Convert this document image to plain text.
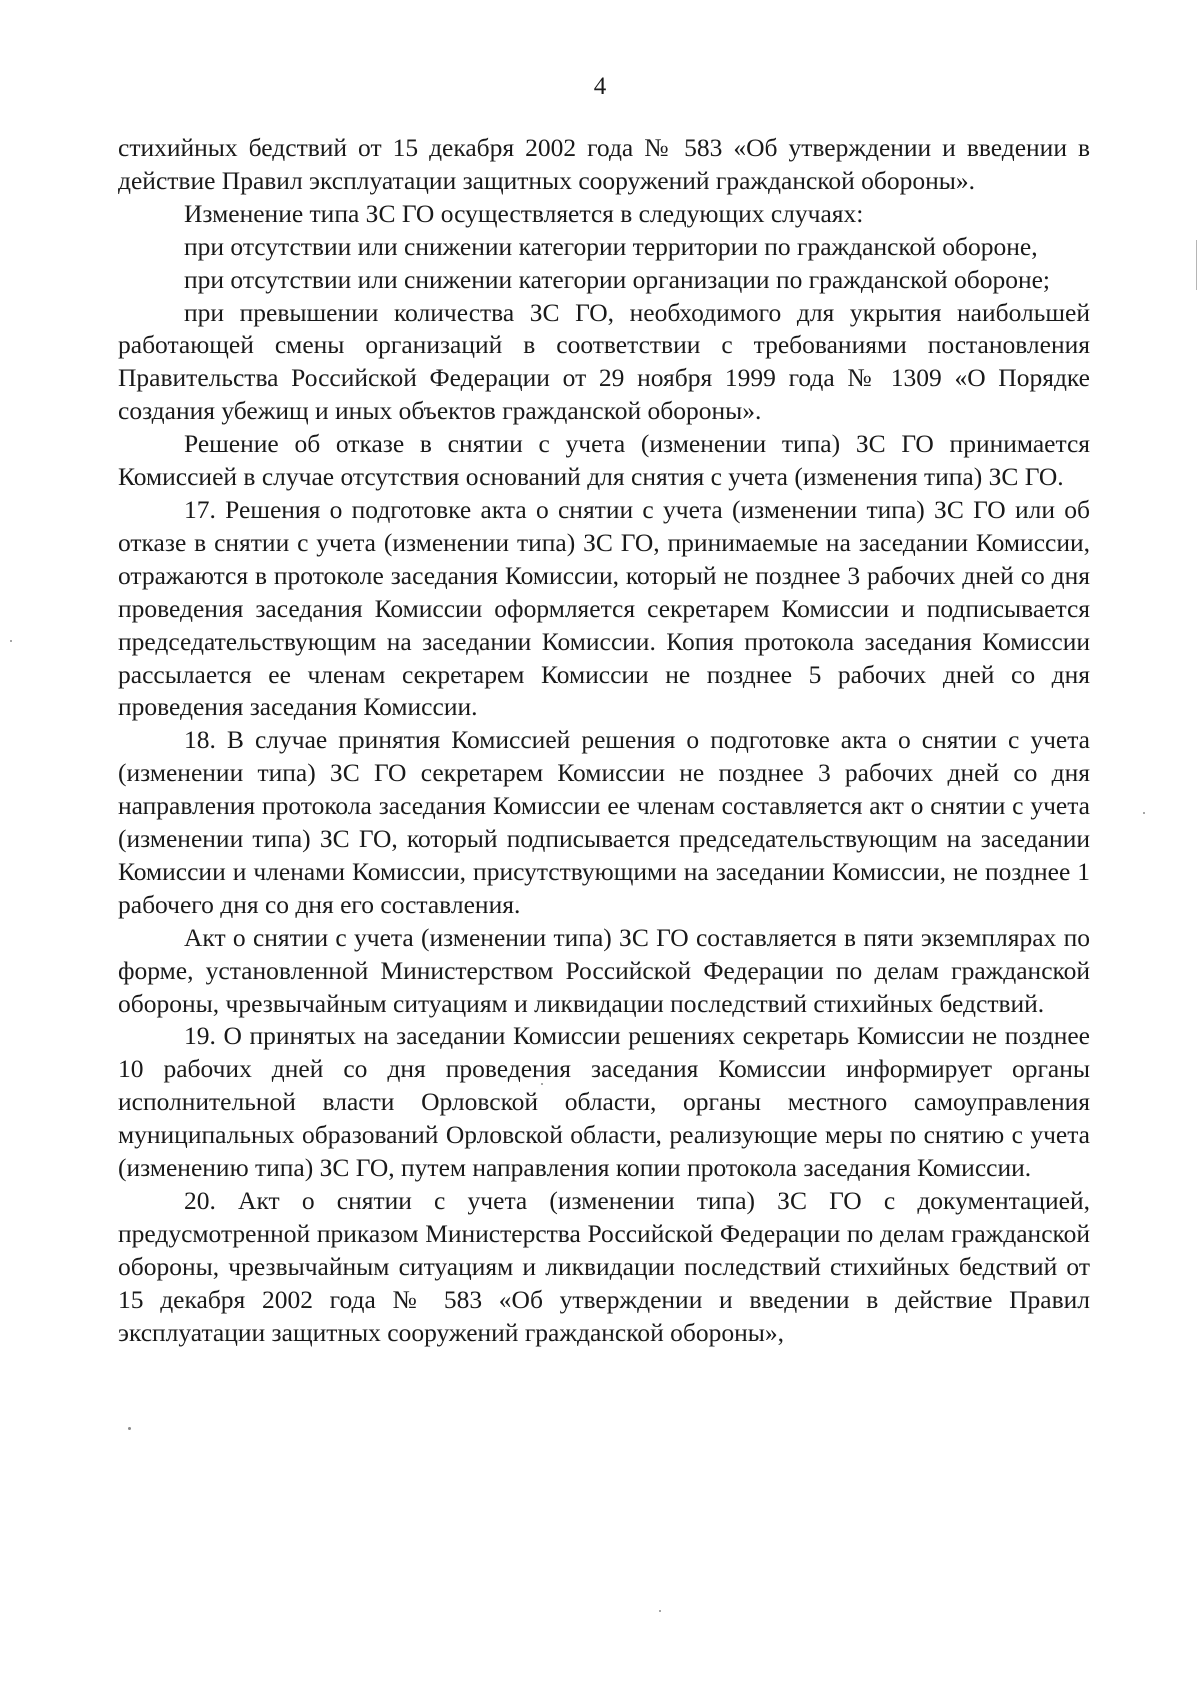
4

стихийных бедствий от 15 декабря 2002 года № 583 «Об утверждении и введении в действие Правил эксплуатации защитных сооружений гражданской обороны».

Изменение типа ЗС ГО осуществляется в следующих случаях:

при отсутствии или снижении категории территории по гражданской обороне,

при отсутствии или снижении категории организации по гражданской обороне;

при превышении количества ЗС ГО, необходимого для укрытия наибольшей работающей смены организаций в соответствии с требованиями постановления Правительства Российской Федерации от 29 ноября 1999 года № 1309 «О Порядке создания убежищ и иных объектов гражданской обороны».

Решение об отказе в снятии с учета (изменении типа) ЗС ГО принимается Комиссией в случае отсутствия оснований для снятия с учета (изменения типа) ЗС ГО.

17. Решения о подготовке акта о снятии с учета (изменении типа) ЗС ГО или об отказе в снятии с учета (изменении типа) ЗС ГО, принимаемые на заседании Комиссии, отражаются в протоколе заседания Комиссии, который не позднее 3 рабочих дней со дня проведения заседания Комиссии оформляется секретарем Комиссии и подписывается председательствующим на заседании Комиссии. Копия протокола заседания Комиссии рассылается ее членам секретарем Комиссии не позднее 5 рабочих дней со дня проведения заседания Комиссии.

18. В случае принятия Комиссией решения о подготовке акта о снятии с учета (изменении типа) ЗС ГО секретарем Комиссии не позднее 3 рабочих дней со дня направления протокола заседания Комиссии ее членам составляется акт о снятии с учета (изменении типа) ЗС ГО, который подписывается председательствующим на заседании Комиссии и членами Комиссии, присутствующими на заседании Комиссии, не позднее 1 рабочего дня со дня его составления.

Акт о снятии с учета (изменении типа) ЗС ГО составляется в пяти экземплярах по форме, установленной Министерством Российской Федерации по делам гражданской обороны, чрезвычайным ситуациям и ликвидации последствий стихийных бедствий.

19. О принятых на заседании Комиссии решениях секретарь Комиссии не позднее 10 рабочих дней со дня проведения заседания Комиссии информирует органы исполнительной власти Орловской области, органы местного самоуправления муниципальных образований Орловской области, реализующие меры по снятию с учета (изменению типа) ЗС ГО, путем направления копии протокола заседания Комиссии.

20. Акт о снятии с учета (изменении типа) ЗС ГО с документацией, предусмотренной приказом Министерства Российской Федерации по делам гражданской обороны, чрезвычайным ситуациям и ликвидации последствий стихийных бедствий от 15 декабря 2002 года № 583 «Об утверждении и введении в действие Правил эксплуатации защитных сооружений гражданской обороны»,
